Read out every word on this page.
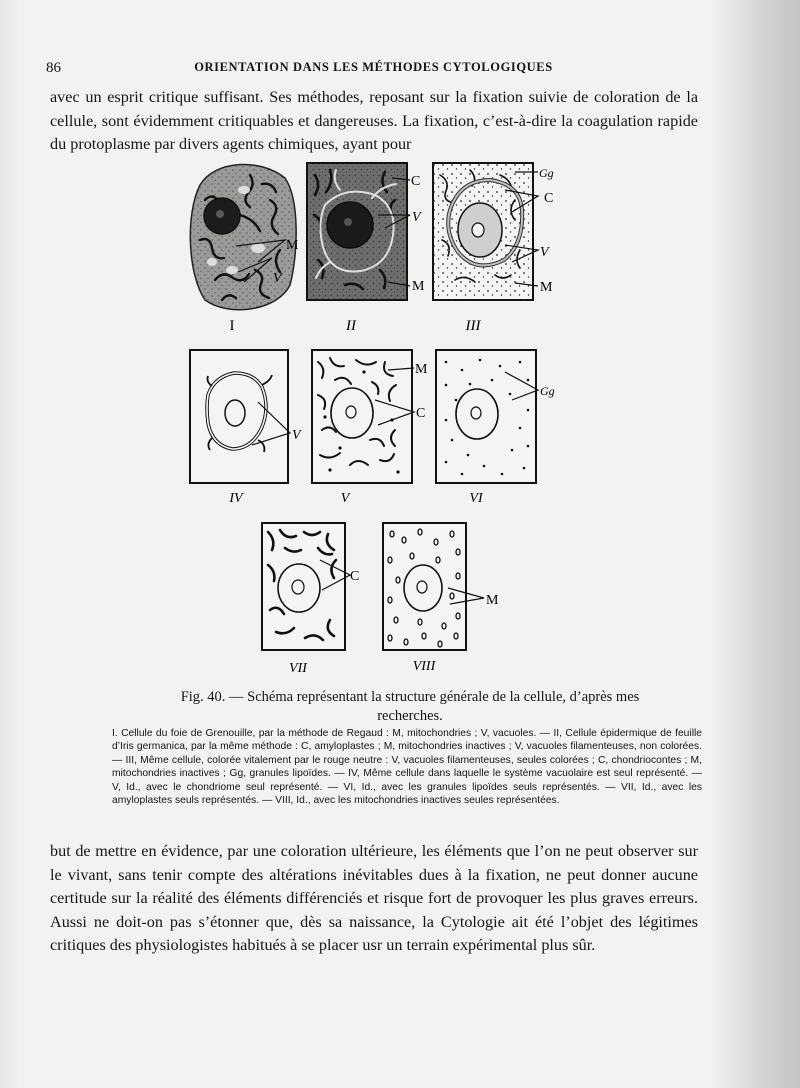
86	ORIENTATION DANS LES MÉTHODES CYTOLOGIQUES

avec un esprit critique suffisant. Ses méthodes, reposant sur la fixation suivie de coloration de la cellule, sont évidemment critiquables et dangereuses. La fixation, c’est-à-dire la coagulation rapide du protoplasme par divers agents chimiques, ayant pour

M
V
I
C
V
M
II
Gg
C
V
M
III
V
IV
M
C
V
Gg
VI
C
VII
M
VIII

Fig. 40. — Schéma représentant la structure générale de la cellule, d’après mes recherches.

I. Cellule du foie de Grenouille, par la méthode de Regaud : M, mitochondries ; V, vacuoles. — II, Cellule épidermique de feuille d’Iris germanica, par la même méthode : C, amyloplastes ; M, mitochondries inactives ; V, vacuoles filamenteuses, non colorées. — III, Même cellule, colorée vitalement par le rouge neutre : V, vacuoles filamenteuses, seules colorées ; C, chondriocontes ; M, mitochondries inactives ; Gg, granules lipoïdes. — IV, Même cellule dans laquelle le système vacuolaire est seul représenté. — V, Id., avec le chondriome seul représenté. — VI, Id., avec les granules lipoïdes seuls représentés. — VII, Id., avec les amyloplastes seuls représentés. — VIII, Id., avec les mitochondries inactives seules représentées.

but de mettre en évidence, par une coloration ultérieure, les éléments que l’on ne peut observer sur le vivant, sans tenir compte des altérations inévitables dues à la fixation, ne peut donner aucune certitude sur la réalité des éléments différenciés et risque fort de provoquer les plus graves erreurs. Aussi ne doit-on pas s’étonner que, dès sa naissance, la Cytologie ait été l’objet des légitimes critiques des physiologistes habitués à se placer usr un terrain expérimental plus sûr.
